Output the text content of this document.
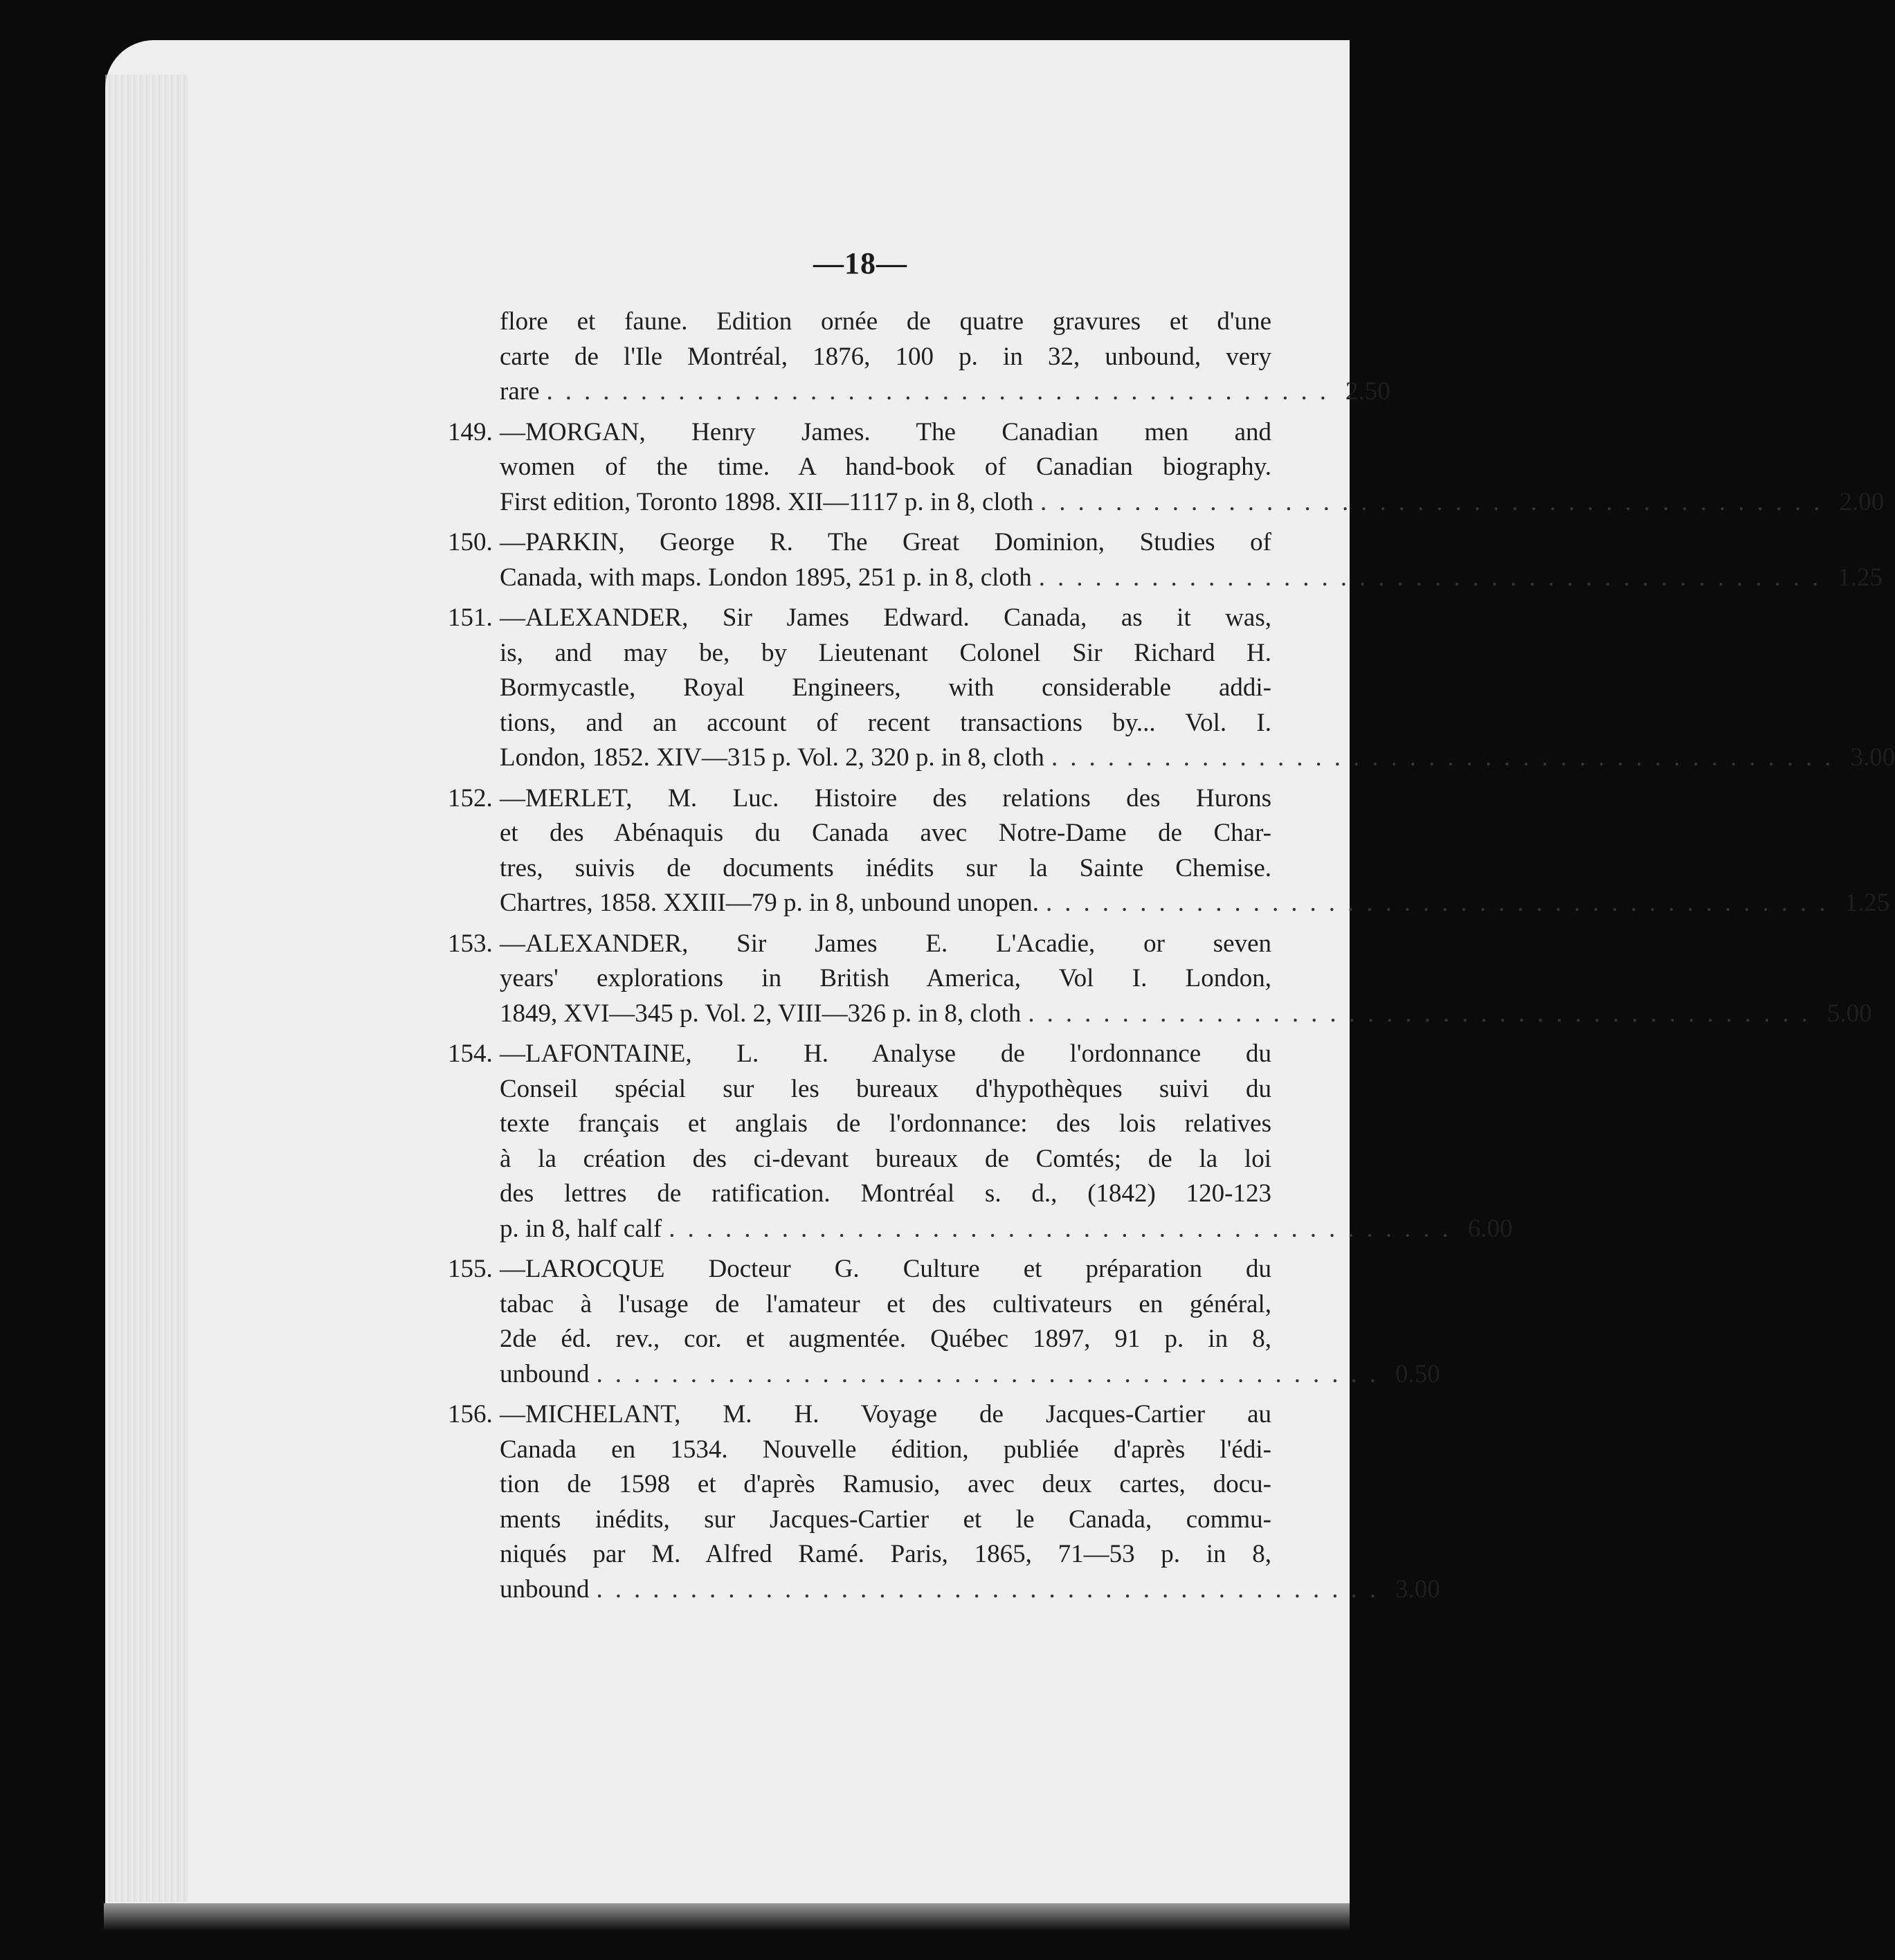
—18—
flore et faune. Edition ornée de quatre gravures et d'une
carte de l'Ile Montréal, 1876, 100 p. in 32, unbound, very
rare .......................................... 2.50
149. —MORGAN, Henry James. The Canadian men and
women of the time. A hand-book of Canadian biography.
First edition, Toronto 1898. XII—1117 p. in 8, cloth .......................................... 2.00
150. —PARKIN, George R. The Great Dominion, Studies of
Canada, with maps. London 1895, 251 p. in 8, cloth .......................................... 1.25
151. —ALEXANDER, Sir James Edward. Canada, as it was,
is, and may be, by Lieutenant Colonel Sir Richard H.
Bormycastle, Royal Engineers, with considerable addi-
tions, and an account of recent transactions by... Vol. I.
London, 1852. XIV—315 p. Vol. 2, 320 p. in 8, cloth .......................................... 3.00
152. —MERLET, M. Luc. Histoire des relations des Hurons
et des Abénaquis du Canada avec Notre-Dame de Char-
tres, suivis de documents inédits sur la Sainte Chemise.
Chartres, 1858. XXIII—79 p. in 8, unbound unopen. .......................................... 1.25
153. —ALEXANDER, Sir James E. L'Acadie, or seven
years' explorations in British America, Vol I. London,
1849, XVI—345 p. Vol. 2, VIII—326 p. in 8, cloth .......................................... 5.00
154. —LAFONTAINE, L. H. Analyse de l'ordonnance du
Conseil spécial sur les bureaux d'hypothèques suivi du
texte français et anglais de l'ordonnance: des lois relatives
à la création des ci-devant bureaux de Comtés; de la loi
des lettres de ratification. Montréal s. d., (1842) 120-123
p. in 8, half calf .......................................... 6.00
155. —LAROCQUE Docteur G. Culture et préparation du
tabac à l'usage de l'amateur et des cultivateurs en général,
2de éd. rev., cor. et augmentée. Québec 1897, 91 p. in 8,
unbound .......................................... 0.50
156. —MICHELANT, M. H. Voyage de Jacques-Cartier au
Canada en 1534. Nouvelle édition, publiée d'après l'édi-
tion de 1598 et d'après Ramusio, avec deux cartes, docu-
ments inédits, sur Jacques-Cartier et le Canada, commu-
niqués par M. Alfred Ramé. Paris, 1865, 71—53 p. in 8,
unbound .......................................... 3.00
